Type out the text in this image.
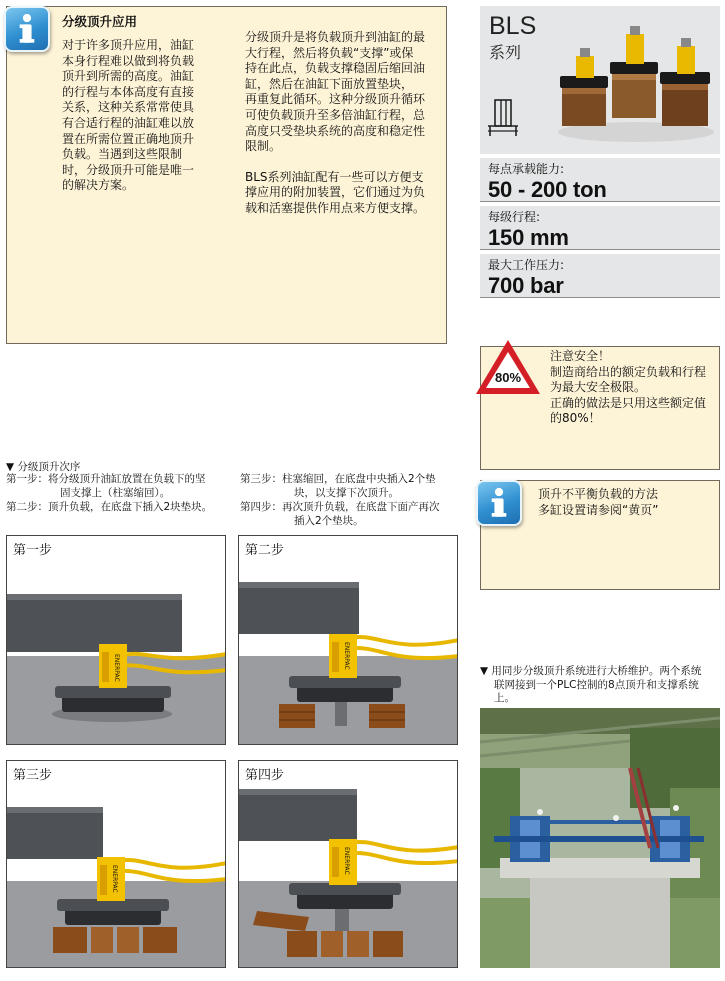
分级顶升应用
对于许多顶升应用，油缸
本身行程难以做到将负载
顶升到所需的高度。油缸
的行程与本体高度有直接
关系，这种关系常常使具
有合适行程的油缸难以放
置在所需位置正确地顶升
负载。当遇到这些限制
时，分级顶升可能是唯一
的解决方案。
分级顶升是将负载顶升到油缸的最
大行程，然后将负载“支撑”或保
持在此点，负载支撑稳固后缩回油
缸，然后在油缸下面放置垫块，
再重复此循环。这种分级顶升循环
可使负载顶升至多倍油缸行程，总
高度只受垫块系统的高度和稳定性
限制。
BLS系列油缸配有一些可以方便支
撑应用的附加装置，它们通过为负
载和活塞提供作用点来方便支撑。
BLS
系列
每点承载能力:
50 - 200 ton
每级行程:
150 mm
最大工作压力:
700 bar
80%
注意安全！
制造商给出的额定负载和行程
为最大安全极限。
正确的做法是只用这些额定值
的80%！
顶升不平衡负载的方法
多缸设置请参阅“黄页”
▼ 分级顶升次序
第一步： 将分级顶升油缸放置在负载下的坚
固支撑上（柱塞缩回）。
第二步： 顶升负载，在底盘下插入2块垫块。
第三步： 柱塞缩回，在底盘中央插入2个垫
块，以支撑下次顶升。
第四步： 再次顶升负载，在底盘下面产再次
插入2个垫块。
第一步
ENERPAC
第二步
ENERPAC
第三步
ENERPAC
第四步
ENERPAC
▼ 用同步分级顶升系统进行大桥维护。两个系统
联网接到一个PLC控制的8点顶升和支撑系统
上。
